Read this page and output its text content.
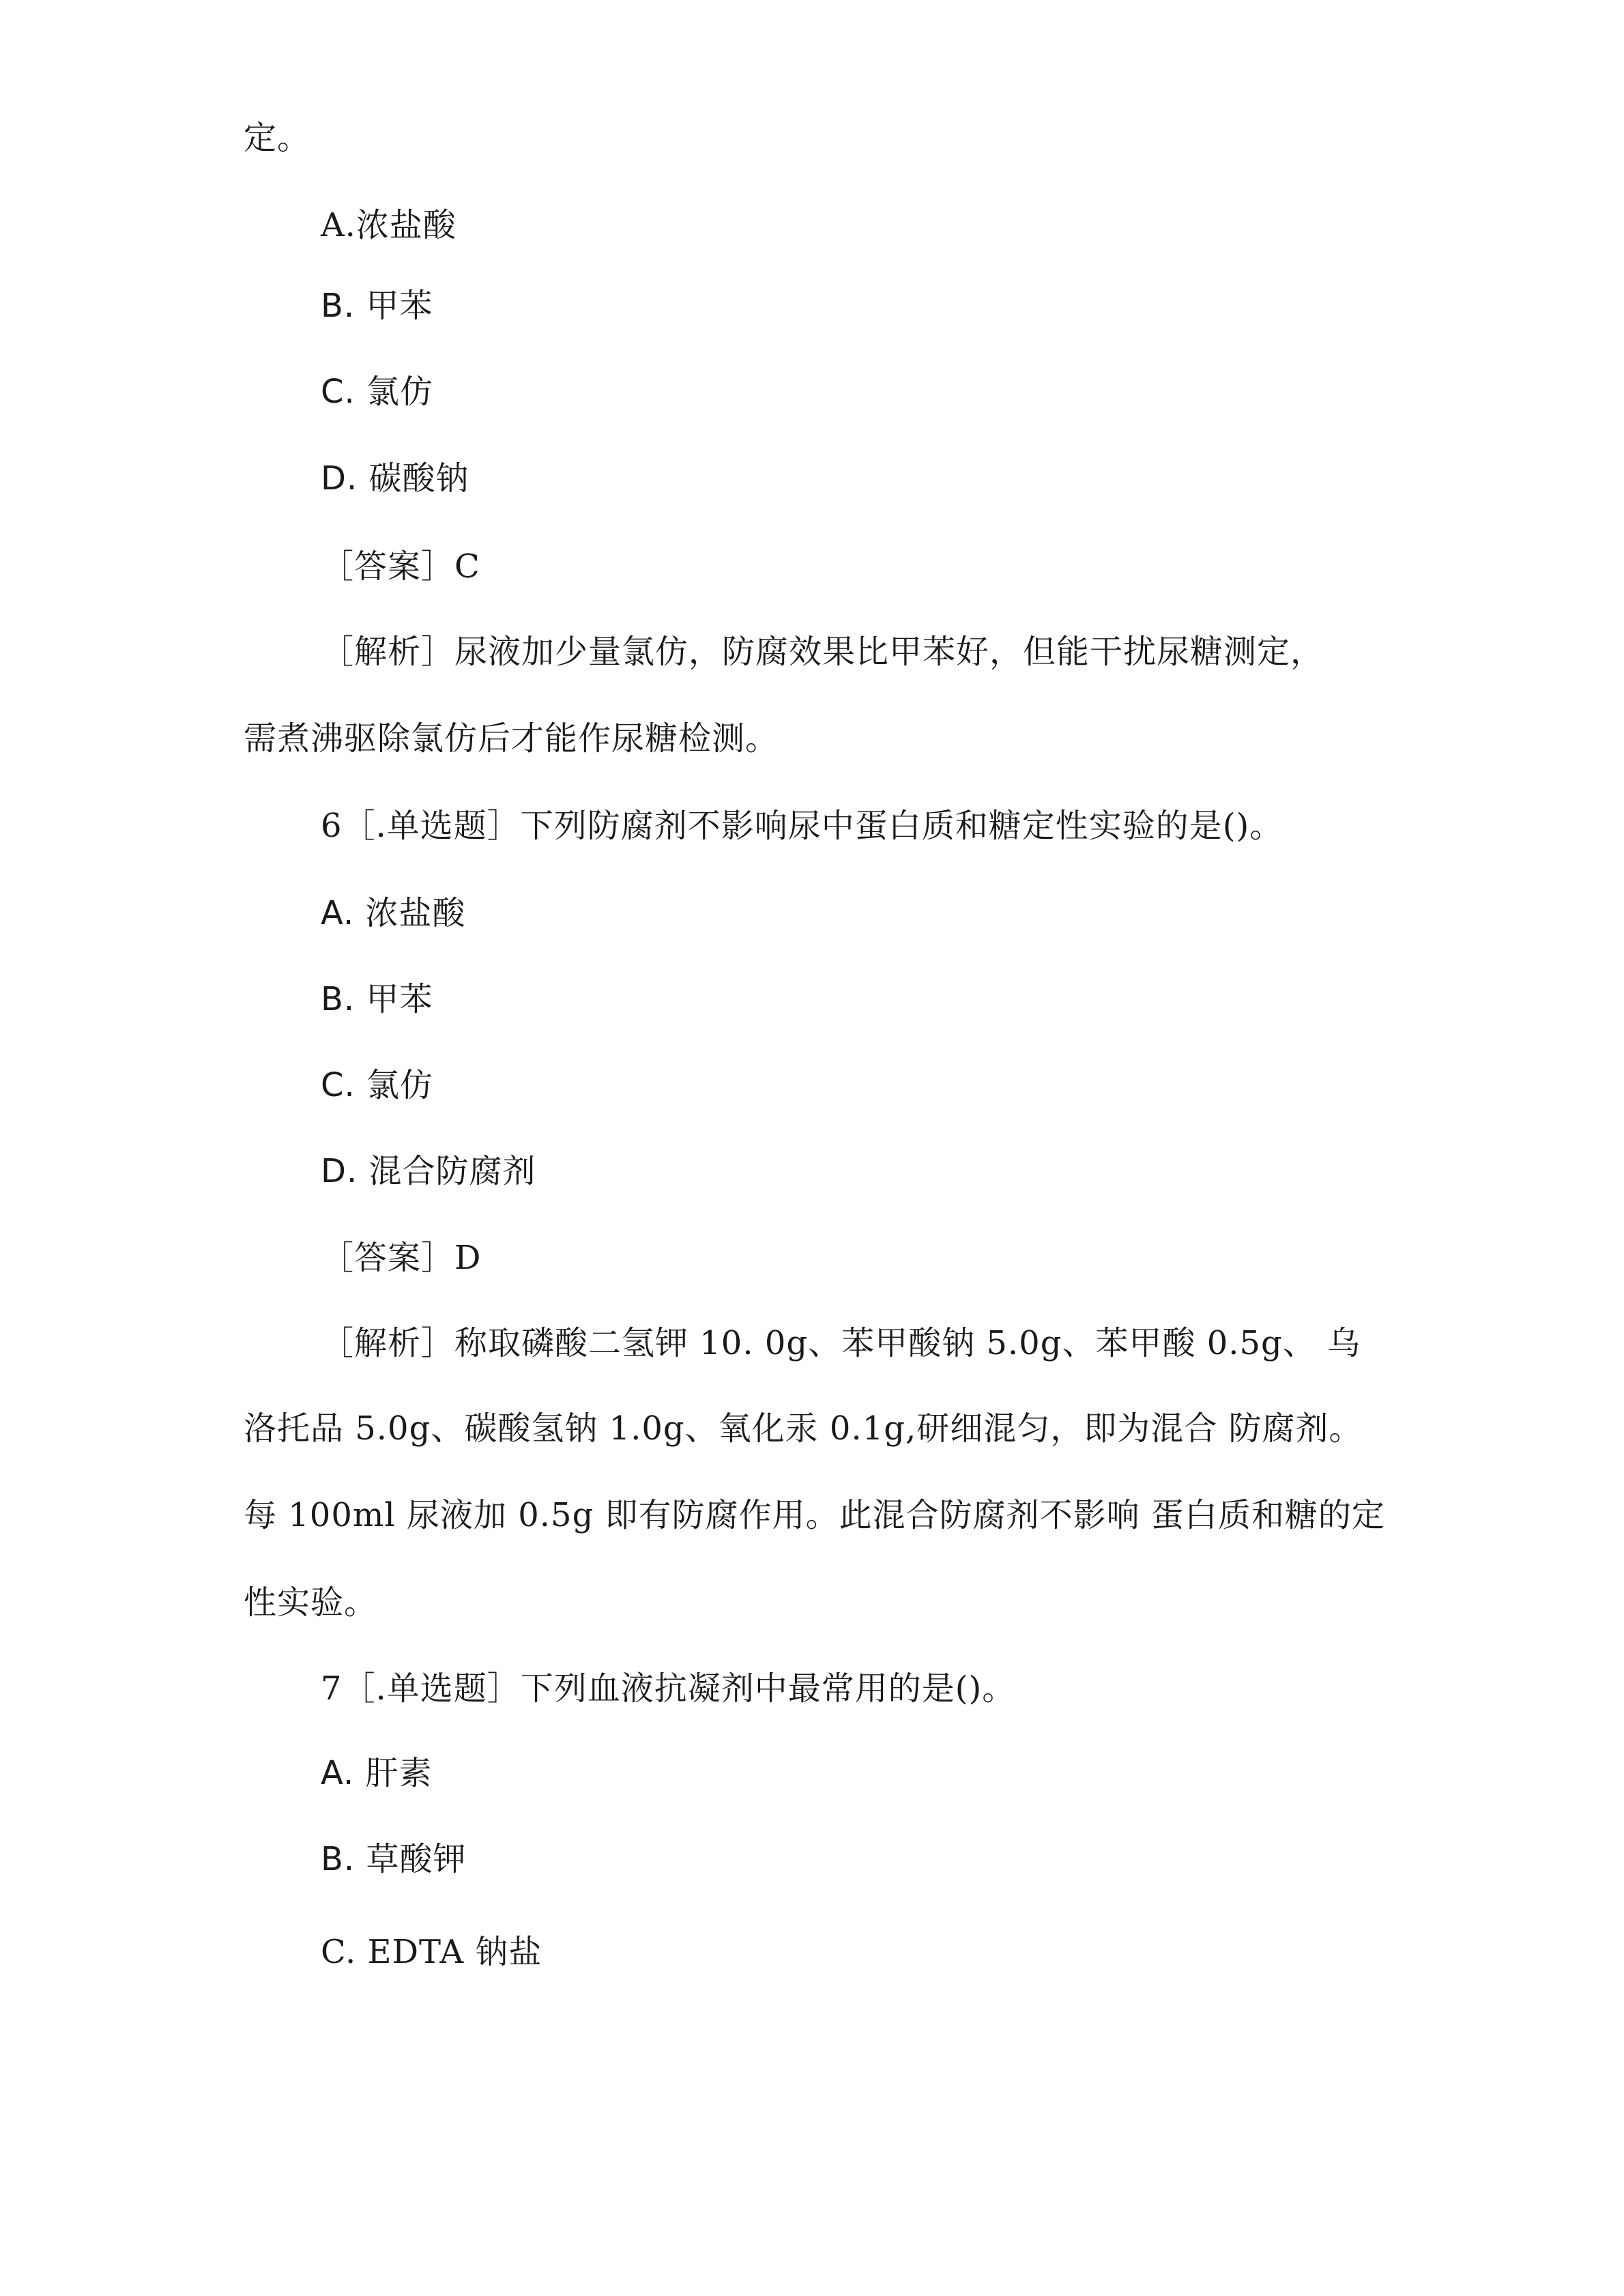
定。
A.浓盐酸
B. 甲苯
C. 氯仿
D. 碳酸钠
［答案］C
［解析］尿液加少量氯仿，防腐效果比甲苯好，但能干扰尿糖测定，
需煮沸驱除氯仿后才能作尿糖检测。
6［.单选题］下列防腐剂不影响尿中蛋白质和糖定性实验的是()。
A. 浓盐酸
B. 甲苯
C. 氯仿
D. 混合防腐剂
［答案］D
［解析］称取磷酸二氢钾 10. 0g、苯甲酸钠 5.0g、苯甲酸 0.5g、 乌
洛托品 5.0g、碳酸氢钠 1.0g、氧化汞 0.1g,研细混匀，即为混合 防腐剂。
每 100ml 尿液加 0.5g 即有防腐作用。此混合防腐剂不影响 蛋白质和糖的定
性实验。
7［.单选题］下列血液抗凝剂中最常用的是()。
A. 肝素
B. 草酸钾
C. EDTA 钠盐
